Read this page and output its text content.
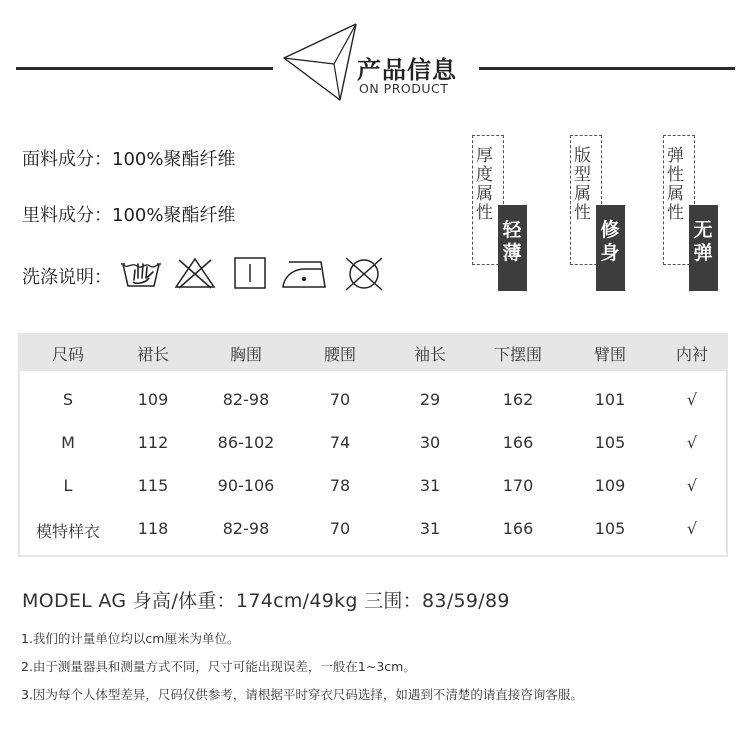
产品信息
ON PRODUCT
面料成分：100%聚酯纤维
里料成分：100%聚酯纤维
洗涤说明：
厚度属性
轻薄
版型属性
修身
弹性属性
无弹
尺码	裙长	胸围	腰围	袖长	下摆围	臂围	内衬
S	109	82-98	70	29	162	101	√
M	112	86-102	74	30	166	105	√
L	115	90-106	78	31	170	109	√
模特样衣	118	82-98	70	31	166	105	√
MODEL AG 身高/体重：174cm/49kg 三围：83/59/89
1.我们的计量单位均以cm厘米为单位。
2.由于测量器具和测量方式不同，尺寸可能出现误差，一般在1~3cm。
3.因为每个人体型差异，尺码仅供参考，请根据平时穿衣尺码选择，如遇到不清楚的请直接咨询客服。
